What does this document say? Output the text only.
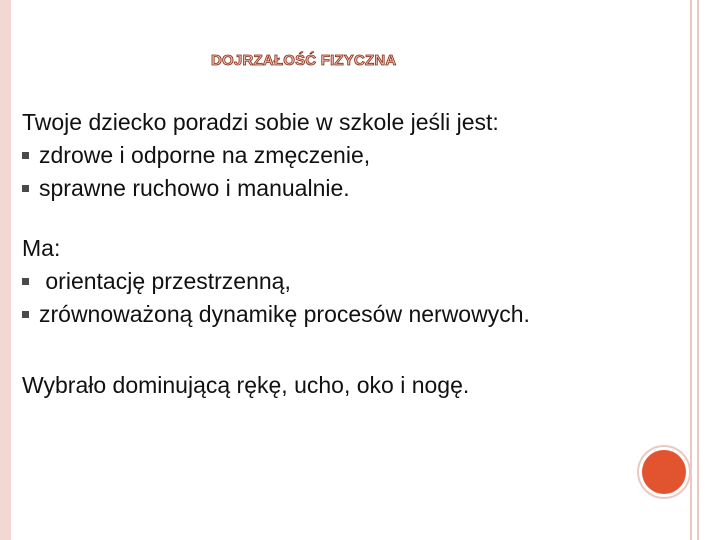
DOJRZAŁOŚĆ FIZYCZNA
Twoje dziecko poradzi sobie w szkole jeśli jest:
zdrowe i odporne na zmęczenie,
sprawne ruchowo i manualnie.
Ma:
orientację przestrzenną,
zrównoważoną dynamikę procesów nerwowych.
Wybrało dominującą rękę, ucho, oko i nogę.
